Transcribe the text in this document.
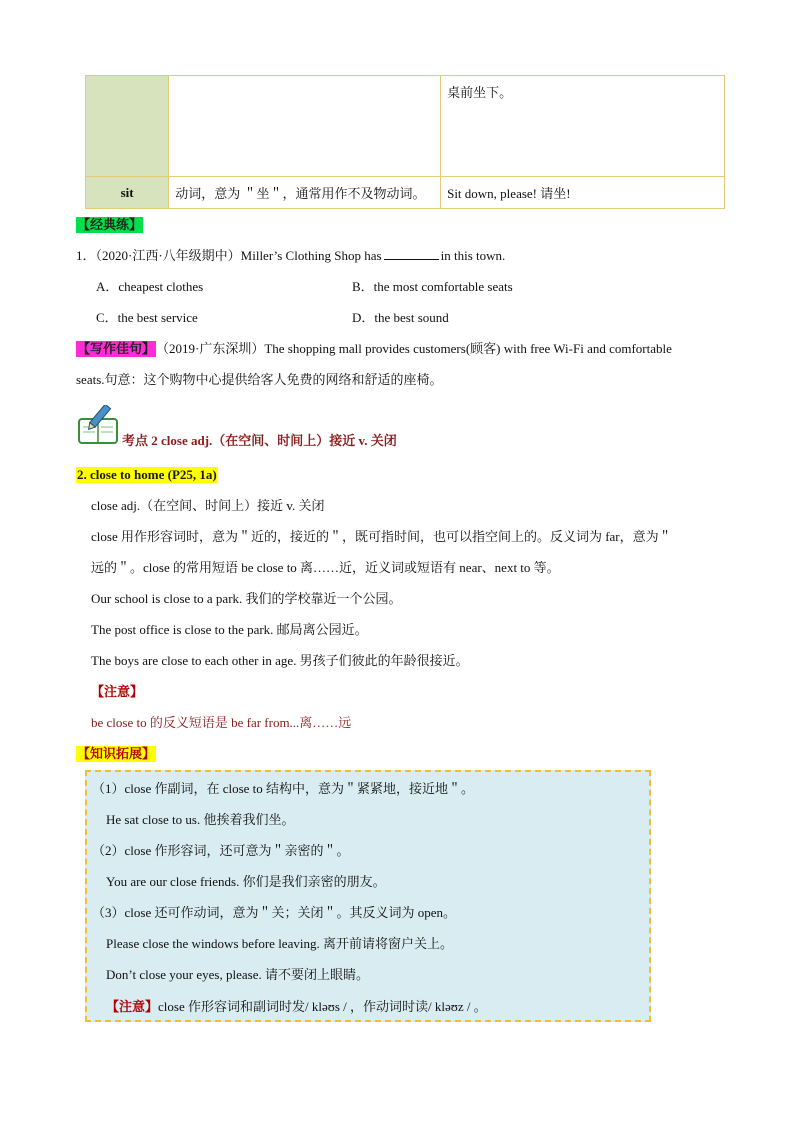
		桌前坐下。
sit	动词，意为 ＂坐＂，通常用作不及物动词。	Sit down, please! 请坐!
【经典练】
1．（2020·江西·八年级期中）Miller’s Clothing Shop has	in this town.
A．cheapest clothes	B．the most comfortable seats
C．the best service	D．the best sound
【写作佳句】（2019·广东深圳）The shopping mall provides customers(顾客) with free Wi-Fi and comfortable
seats.句意：这个购物中心提供给客人免费的网络和舒适的座椅。
考点 2 close adj.（在空间、时间上）接近 v. 关闭
2. close to home (P25, 1a)
close adj.（在空间、时间上）接近 v. 关闭
close 用作形容词时，意为＂近的，接近的＂，既可指时间，也可以指空间上的。反义词为 far，意为＂
远的＂。close 的常用短语 be close to 离……近，近义词或短语有 near、next to 等。
Our school is close to a park. 我们的学校靠近一个公园。
The post office is close to the park. 邮局离公园近。
The boys are close to each other in age. 男孩子们彼此的年龄很接近。
【注意】
be close to 的反义短语是 be far from...离……远
【知识拓展】
（1）close 作副词，在 close to 结构中，意为＂紧紧地，接近地＂。
He sat close to us. 他挨着我们坐。
（2）close 作形容词，还可意为＂亲密的＂。
You are our close friends. 你们是我们亲密的朋友。
（3）close 还可作动词，意为＂关；关闭＂。其反义词为 open。
Please close the windows before leaving. 离开前请将窗户关上。
Don’t close your eyes, please. 请不要闭上眼睛。
【注意】close 作形容词和副词时发/ kləʊs / ，作动词时读/ kləʊz / 。
